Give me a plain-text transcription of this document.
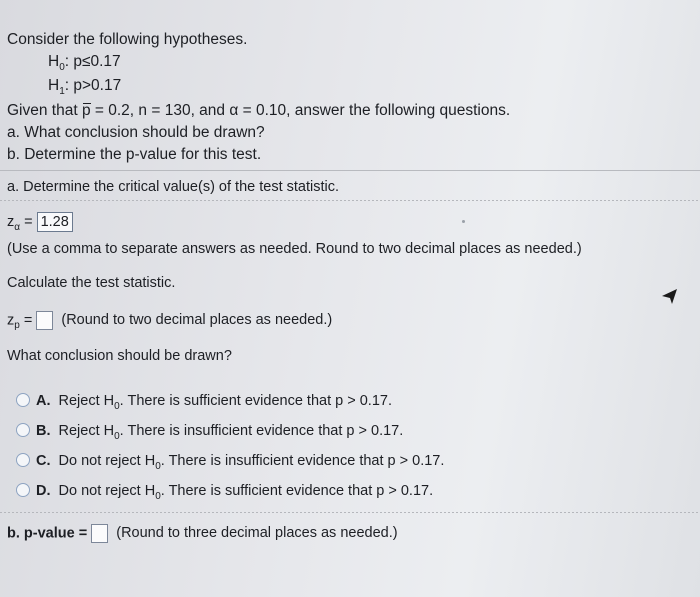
Consider the following hypotheses.
$H_0$: p≤0.17
$H_1$: p>0.17
Given that p = 0.2, n = 130, and α = 0.10, answer the following questions.
a. What conclusion should be drawn?
b. Determine the p-value for this test.
a. Determine the critical value(s) of the test statistic.
$z_\alpha = 1.28$
(Use a comma to separate answers as needed. Round to two decimal places as needed.)
Calculate the test statistic.
$z_p$ = (Round to two decimal places as needed.)
What conclusion should be drawn?
A. Reject $H_0$. There is sufficient evidence that p > 0.17.
B. Reject $H_0$. There is insufficient evidence that p > 0.17.
C. Do not reject $H_0$. There is insufficient evidence that p > 0.17.
D. Do not reject $H_0$. There is sufficient evidence that p > 0.17.
b. p-value = (Round to three decimal places as needed.)
